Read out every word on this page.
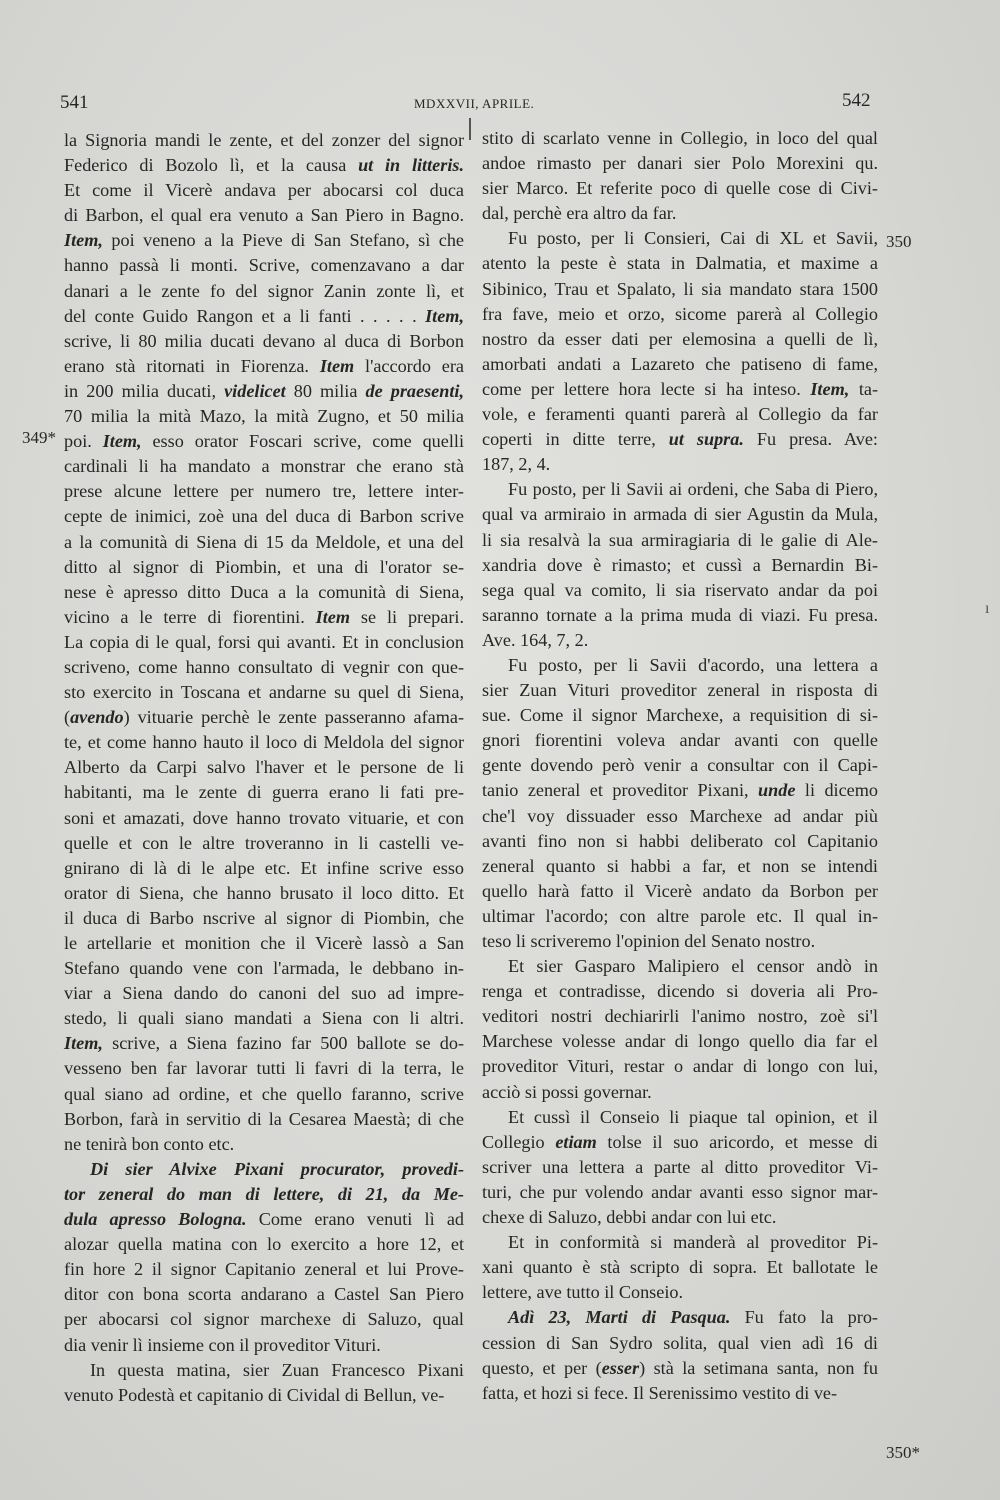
541	MDXXVII, APRILE.	542
la Signoria mandi le zente, et del zonzer del signor
Federico di Bozolo lì, et la causa ut in litteris.
Et come il Vicerè andava per abocarsi col duca
di Barbon, el qual era venuto a San Piero in Bagno.
Item, poi veneno a la Pieve di San Stefano, sì che
hanno passà li monti. Scrive, comenzavano a dar
danari a le zente fo del signor Zanin zonte lì, et
del conte Guido Rangon et a li fanti . . . . . Item,
scrive, li 80 milia ducati devano al duca di Borbon
erano stà ritornati in Fiorenza. Item l'accordo era
in 200 milia ducati, videlicet 80 milia de praesenti,
70 milia la mità Mazo, la mità Zugno, et 50 milia
poi. Item, esso orator Foscari scrive, come quelli
cardinali li ha mandato a monstrar che erano stà
prese alcune lettere per numero tre, lettere inter-
cepte de inimici, zoè una del duca di Barbon scrive
a la comunità di Siena di 15 da Meldole, et una del
ditto al signor di Piombin, et una di l'orator se-
nese è apresso ditto Duca a la comunità di Siena,
vicino a le terre di fiorentini. Item se li prepari.
La copia di le qual, forsi qui avanti. Et in conclusion
scriveno, come hanno consultato di vegnir con que-
sto exercito in Toscana et andarne su quel di Siena,
(avendo) vituarie perchè le zente passeranno afama-
te, et come hanno hauto il loco di Meldola del signor
Alberto da Carpi salvo l'haver et le persone de li
habitanti, ma le zente di guerra erano li fati pre-
soni et amazati, dove hanno trovato vituarie, et con
quelle et con le altre troveranno in li castelli ve-
gnirano di là di le alpe etc. Et infine scrive esso
orator di Siena, che hanno brusato il loco ditto. Et
il duca di Barbo nscrive al signor di Piombin, che
le artellarie et monition che il Vicerè lassò a San
Stefano quando vene con l'armada, le debbano in-
viar a Siena dando do canoni del suo ad impre-
stedo, li quali siano mandati a Siena con li altri.
Item, scrive, a Siena fazino far 500 ballote se do-
vesseno ben far lavorar tutti li favri di la terra, le
qual siano ad ordine, et che quello faranno, scrive
Borbon, farà in servitio di la Cesarea Maestà; di che
ne tenirà bon conto etc.
Di sier Alvixe Pixani procurator, provedi-
tor zeneral do man di lettere, di 21, da Me-
dula apresso Bologna. Come erano venuti lì ad
alozar quella matina con lo exercito a hore 12, et
fin hore 2 il signor Capitanio zeneral et lui Prove-
ditor con bona scorta andarano a Castel San Piero
per abocarsi col signor marchexe di Saluzo, qual
dia venir lì insieme con il proveditor Vituri.
In questa matina, sier Zuan Francesco Pixani
venuto Podestà et capitanio di Cividal di Bellun, ve-
stito di scarlato venne in Collegio, in loco del qual
andoe rimasto per danari sier Polo Morexini qu.
sier Marco. Et referite poco di quelle cose di Civi-
dal, perchè era altro da far.
Fu posto, per li Consieri, Cai di XL et Savii,
atento la peste è stata in Dalmatia, et maxime a
Sibinico, Trau et Spalato, li sia mandato stara 1500
fra fave, meio et orzo, sicome parerà al Collegio
nostro da esser dati per elemosina a quelli de lì,
amorbati andati a Lazareto che patiseno di fame,
come per lettere hora lecte si ha inteso. Item, ta-
vole, e feramenti quanti parerà al Collegio da far
coperti in ditte terre, ut supra. Fu presa. Ave:
187, 2, 4.
Fu posto, per li Savii ai ordeni, che Saba di Piero,
qual va armiraio in armada di sier Agustin da Mula,
li sia resalvà la sua armiragiaria di le galie di Ale-
xandria dove è rimasto; et cussì a Bernardin Bi-
sega qual va comito, li sia riservato andar da poi
saranno tornate a la prima muda di viazi. Fu presa.
Ave. 164, 7, 2.
Fu posto, per li Savii d'acordo, una lettera a
sier Zuan Vituri proveditor zeneral in risposta di
sue. Come il signor Marchexe, a requisition di si-
gnori fiorentini voleva andar avanti con quelle
gente dovendo però venir a consultar con il Capi-
tanio zeneral et proveditor Pixani, unde li dicemo
che'l voy dissuader esso Marchexe ad andar più
avanti fino non si habbi deliberato col Capitanio
zeneral quanto si habbi a far, et non se intendi
quello harà fatto il Vicerè andato da Borbon per
ultimar l'acordo; con altre parole etc. Il qual in-
teso li scriveremo l'opinion del Senato nostro.
Et sier Gasparo Malipiero el censor andò in
renga et contradisse, dicendo si doveria ali Pro-
veditori nostri dechiarirli l'animo nostro, zoè si'l
Marchese volesse andar di longo quello dia far el
proveditor Vituri, restar o andar di longo con lui,
acciò si possi governar.
Et cussì il Conseio li piaque tal opinion, et il
Collegio etiam tolse il suo aricordo, et messe di
scriver una lettera a parte al ditto proveditor Vi-
turi, che pur volendo andar avanti esso signor mar-
chexe di Saluzo, debbi andar con lui etc.
Et in conformità si manderà al proveditor Pi-
xani quanto è stà scripto di sopra. Et ballotate le
lettere, ave tutto il Conseio.
Adì 23, Marti di Pasqua. Fu fato la pro-
cession di San Sydro solita, qual vien adì 16 di
questo, et per (esser) stà la setimana santa, non fu
fatta, et hozi si fece. Il Serenissimo vestito di ve-
349*
350
350*
ı
